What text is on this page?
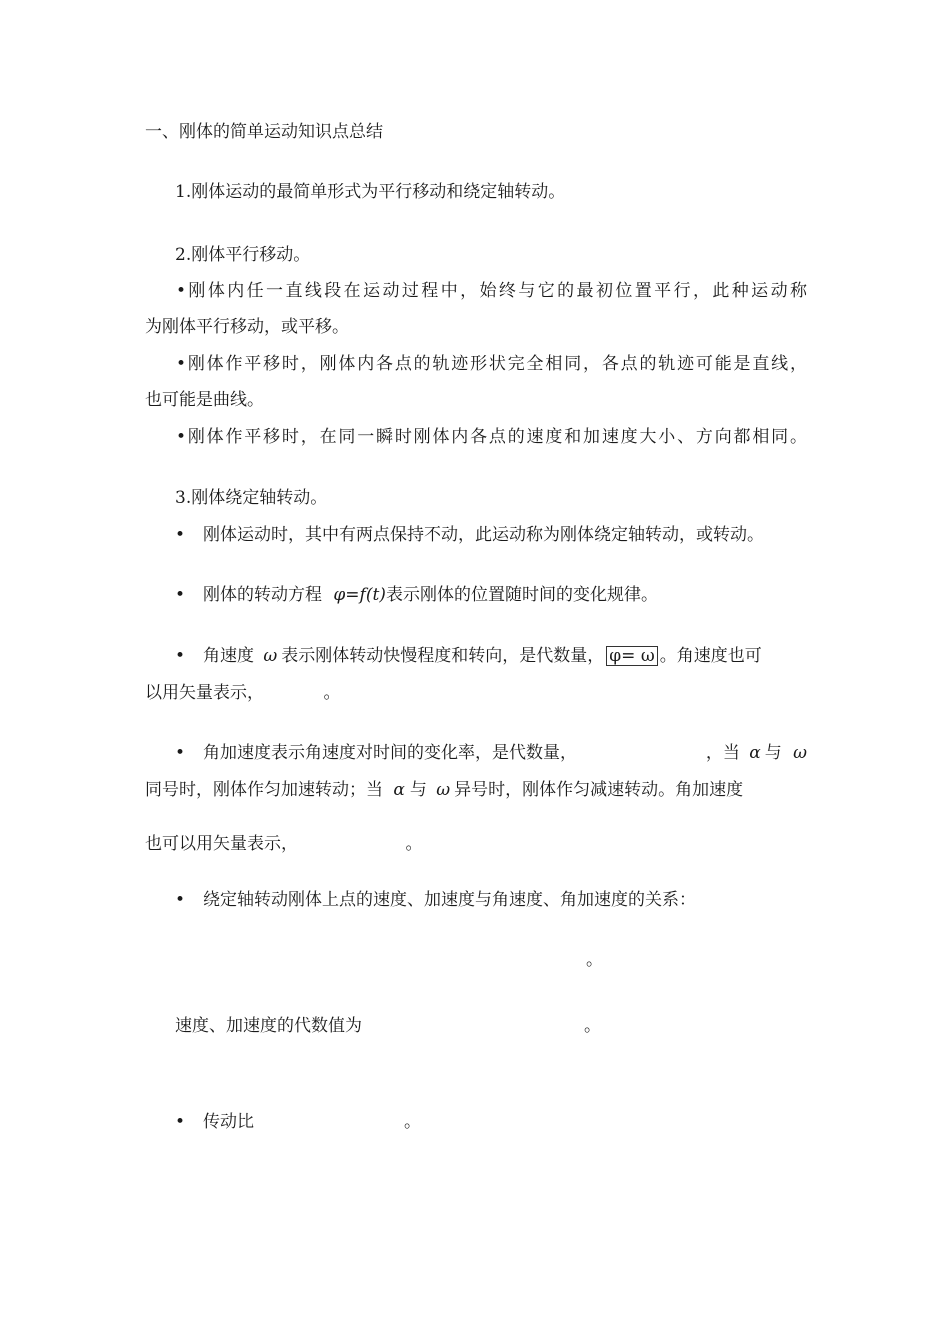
一、刚体的简单运动知识点总结
1.刚体运动的最简单形式为平行移动和绕定轴转动。
2.刚体平行移动。
•刚体内任一直线段在运动过程中，始终与它的最初位置平行，此种运动称
为刚体平行移动，或平移。
•刚体作平移时，刚体内各点的轨迹形状完全相同，各点的轨迹可能是直线，
也可能是曲线。
•刚体作平移时，在同一瞬时刚体内各点的速度和加速度大小、方向都相同。
3.刚体绕定轴转动。
• 刚体运动时，其中有两点保持不动，此运动称为刚体绕定轴转动，或转动。
• 刚体的转动方程 φ=f(t)表示刚体的位置随时间的变化规律。
• 角速度 ω 表示刚体转动快慢程度和转向，是代数量， φ= ω 。角速度也可
以用矢量表示，	。
• 角加速度表示角速度对时间的变化率，是代数量，	，当 α 与 ω
同号时，刚体作匀加速转动；当 α 与 ω 异号时，刚体作匀减速转动。角加速度
也可以用矢量表示，	。
• 绕定轴转动刚体上点的速度、加速度与角速度、角加速度的关系：
。
速度、加速度的代数值为	。
• 传动比	。
